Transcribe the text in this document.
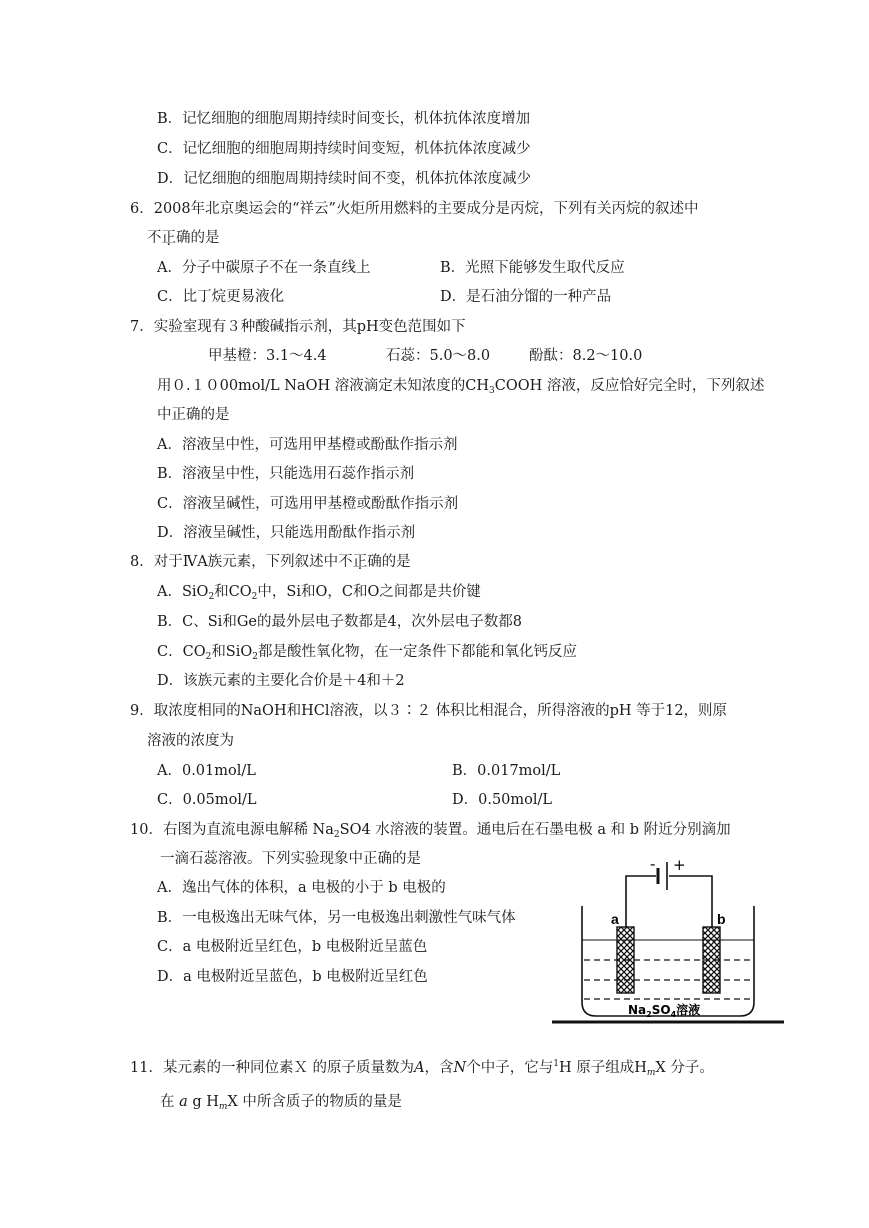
B．记忆细胞的细胞周期持续时间变长，机体抗体浓度增加
C．记忆细胞的细胞周期持续时间变短，机体抗体浓度减少
D．记忆细胞的细胞周期持续时间不变，机体抗体浓度减少
6．2008年北京奥运会的“祥云”火炬所用燃料的主要成分是丙烷，下列有关丙烷的叙述中
不正确的是
A．分子中碳原子不在一条直线上	B．光照下能够发生取代反应
C．比丁烷更易液化	D．是石油分馏的一种产品
7．实验室现有３种酸碱指示剂，其pH变色范围如下
甲基橙：3.1～4.4	石蕊：5.0～8.0	酚酞：8.2～10.0
用０.１０00mol/L NaOH 溶液滴定未知浓度的$CH_3COOH$ 溶液，反应恰好完全时，下列叙述
中正确的是
A．溶液呈中性，可选用甲基橙或酚酞作指示剂
B．溶液呈中性，只能选用石蕊作指示剂
C．溶液呈碱性，可选用甲基橙或酚酞作指示剂
D．溶液呈碱性，只能选用酚酞作指示剂
8．对于ⅣA族元素，下列叙述中不正确的是
A．SiO$_2$和$CO_2$中，Si和O，C和O之间都是共价键
B．C、Si和Ge的最外层电子数都是4，次外层电子数都8
C．$CO_2$和SiO$_2$都是酸性氧化物，在一定条件下都能和氧化钙反应
D．该族元素的主要化合价是＋4和＋2
9．取浓度相同的NaOH和HCl溶液，以３∶２ 体积比相混合，所得溶液的pH 等于12，则原
溶液的浓度为
A．0.01mol/L	B．0.017mol/L
C．0.05mol/L	D．0.50mol/L
10．右图为直流电源电解稀 $Na_2SO4$ 水溶液的装置。通电后在石墨电极 a 和 b 附近分别滴加
一滴石蕊溶液。下列实验现象中正确的是
A．逸出气体的体积，a 电极的小于 b 电极的
B．一电极逸出无味气体，另一电极逸出刺激性气味气体
C．a 电极附近呈红色，b 电极附近呈蓝色
D．a 电极附近呈蓝色，b 电极附近呈红色
- +
a	b
$Na_2SO_4$溶液
11．某元素的一种同位素Ｘ 的原子质量数为A，含N个中子，它与$^1$H 原子组成$H_mX$ 分子。
在 a g $H_mX$ 中所含质子的物质的量是
